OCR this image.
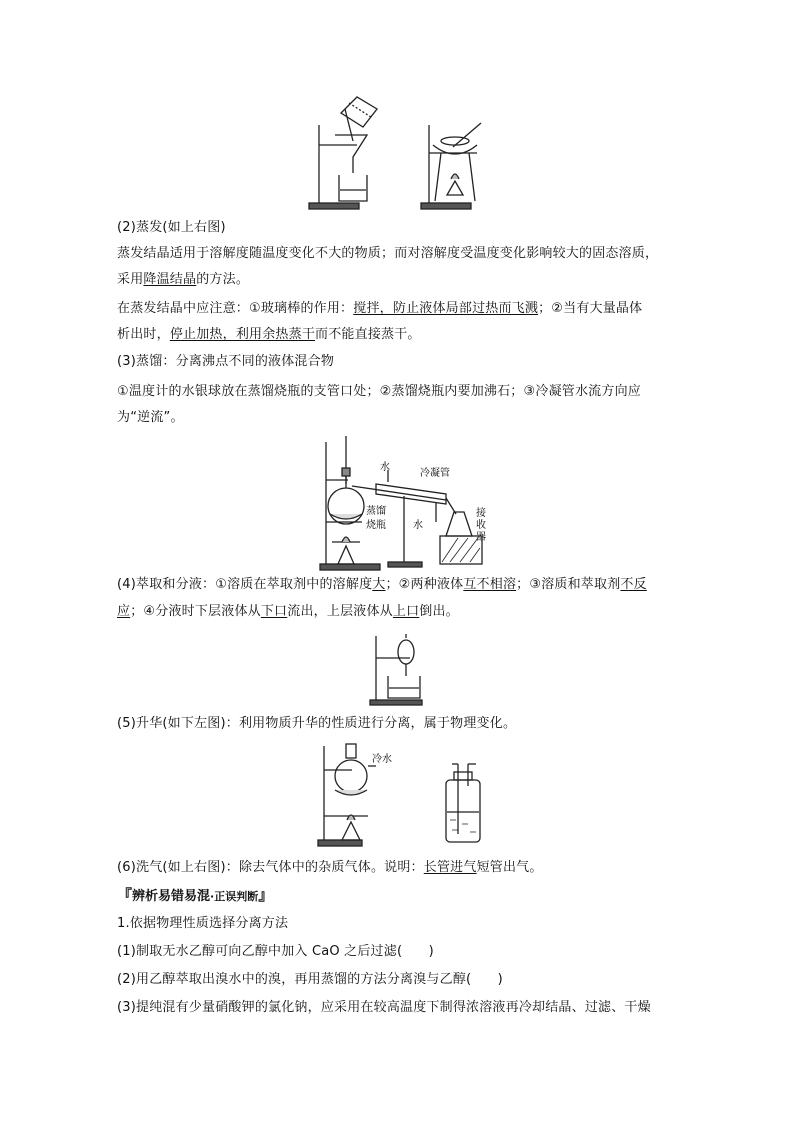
(2)蒸发(如上右图)
蒸发结晶适用于溶解度随温度变化不大的物质；而对溶解度受温度变化影响较大的固态溶质，
采用降温结晶的方法。
在蒸发结晶中应注意：①玻璃棒的作用：搅拌，防止液体局部过热而飞溅；②当有大量晶体
析出时，停止加热，利用余热蒸干而不能直接蒸干。
(3)蒸馏：分离沸点不同的液体混合物
①温度计的水银球放在蒸馏烧瓶的支管口处；②蒸馏烧瓶内要加沸石；③冷凝管水流方向应
为“逆流”。
水
冷凝管
水
蒸馏
烧瓶
接
收
器
(4)萃取和分液：①溶质在萃取剂中的溶解度大；②两种液体互不相溶；③溶质和萃取剂不反
应；④分液时下层液体从下口流出，上层液体从上口倒出。
(5)升华(如下左图)：利用物质升华的性质进行分离，属于物理变化。
冷水
(6)洗气(如上右图)：除去气体中的杂质气体。说明：长管进气短管出气。
『辨析易错易混·正误判断』
1.依据物理性质选择分离方法
(1)制取无水乙醇可向乙醇中加入 CaO 之后过滤(　　)
(2)用乙醇萃取出溴水中的溴，再用蒸馏的方法分离溴与乙醇(　　)
(3)提纯混有少量硝酸钾的氯化钠，应采用在较高温度下制得浓溶液再冷却结晶、过滤、干燥
